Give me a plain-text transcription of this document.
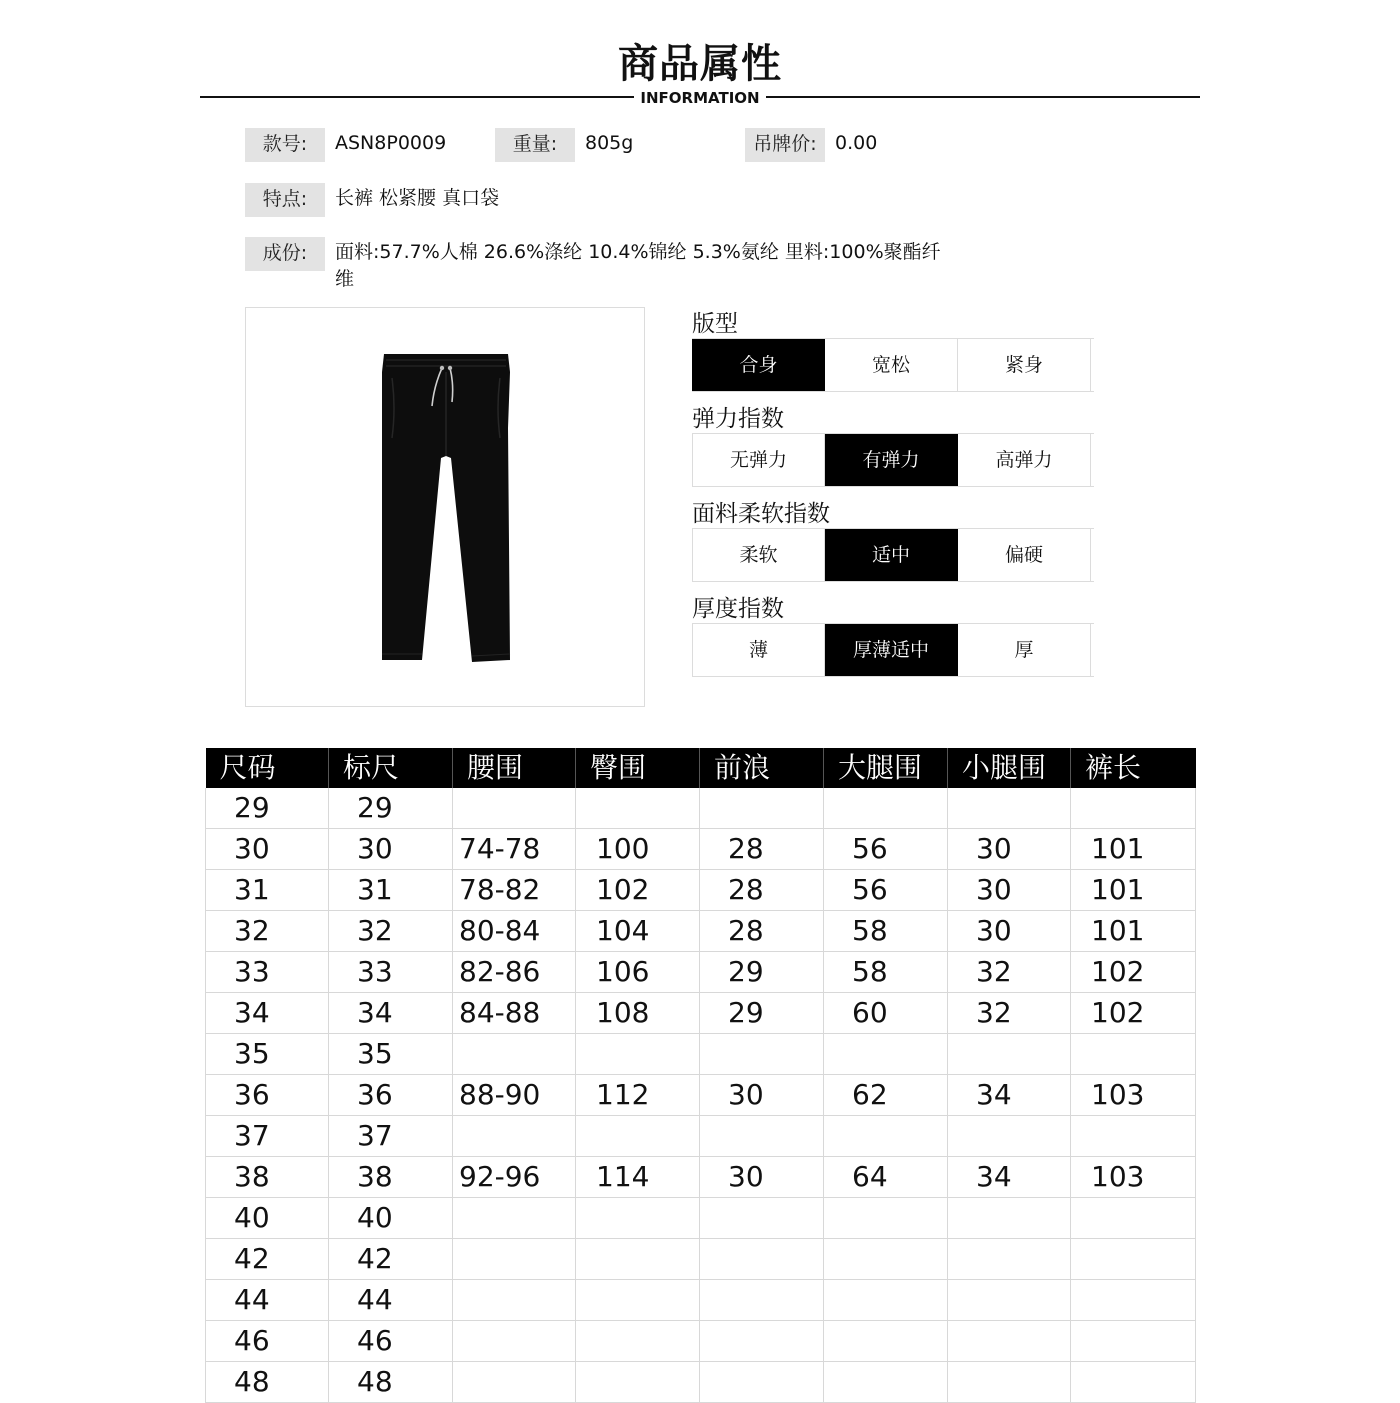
商品属性
INFORMATION
款号:	ASN8P0009	重量:	805g	吊牌价: 0.00
特点:	长裤 松紧腰 真口袋
成份:	面料:57.7%人棉 26.6%涤纶 10.4%锦纶 5.3%氨纶 里料:100%聚酯纤
维
版型
合身	宽松	紧身
弹力指数
无弹力	有弹力	高弹力
面料柔软指数
柔软	适中	偏硬
厚度指数
薄	厚薄适中	厚
尺码	标尺	腰围	臀围	前浪	大腿围	小腿围	裤长
29	29						
30	30	74-78	100	28	56	30	101
31	31	78-82	102	28	56	30	101
32	32	80-84	104	28	58	30	101
33	33	82-86	106	29	58	32	102
34	34	84-88	108	29	60	32	102
35	35						
36	36	88-90	112	30	62	34	103
37	37						
38	38	92-96	114	30	64	34	103
40	40						
42	42						
44	44						
46	46						
48	48						
